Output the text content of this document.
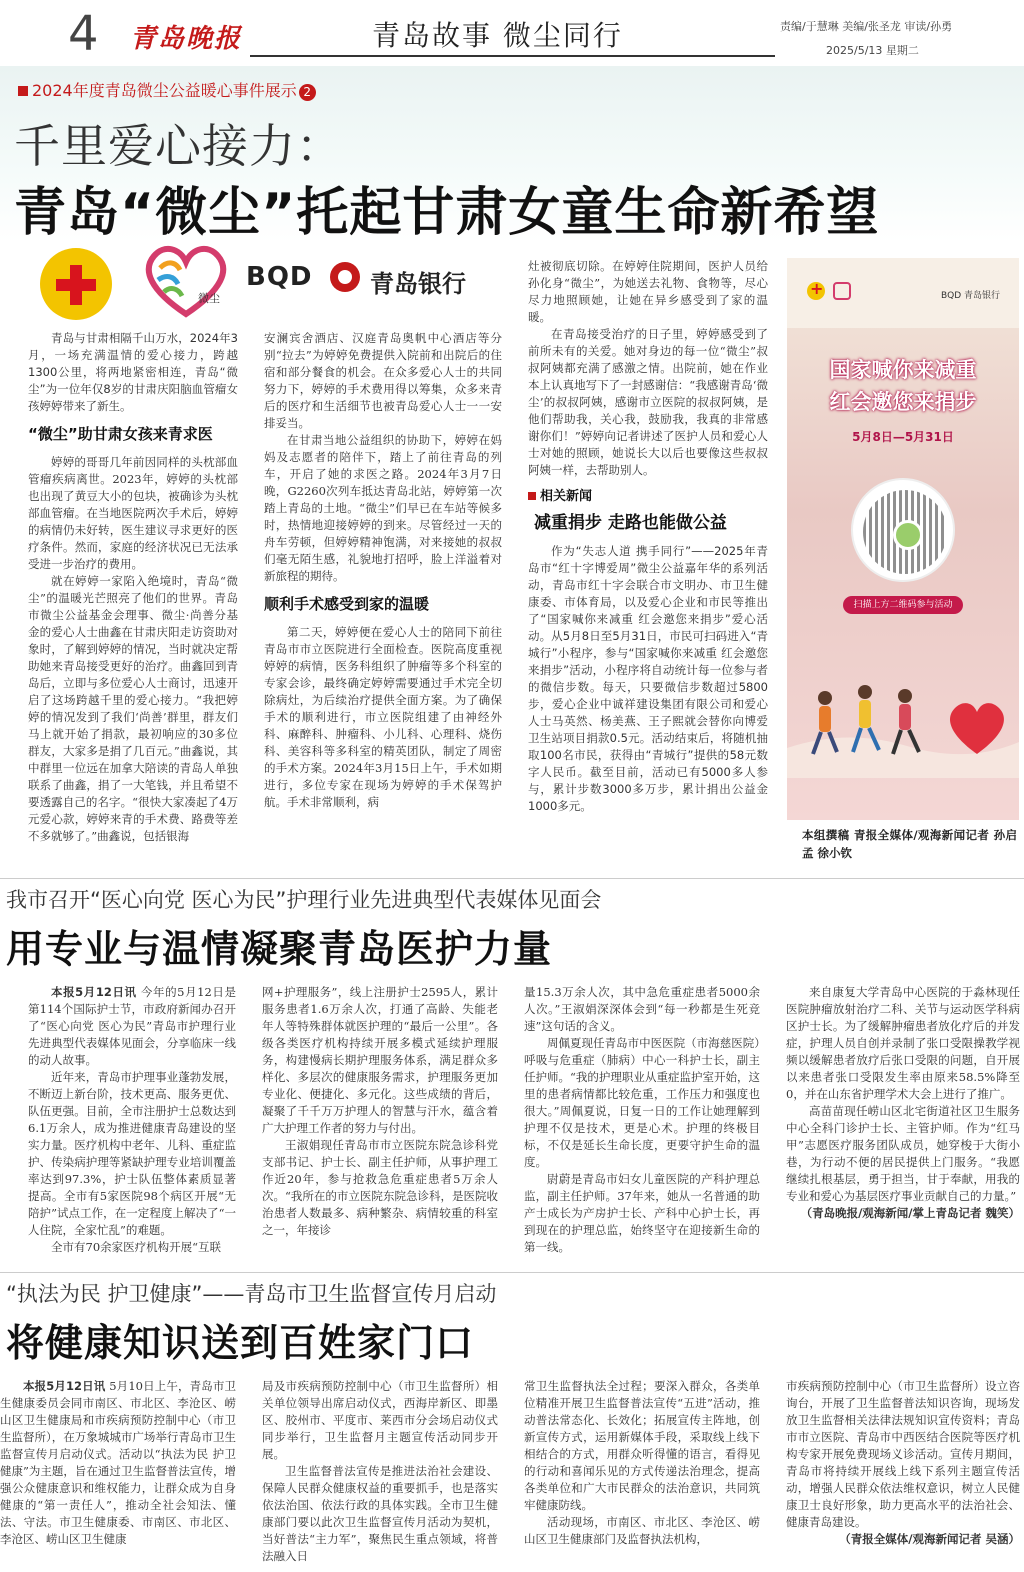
4 青岛晚报	青岛故事 微尘同行	责编/于慧琳 美编/张圣龙 审读/孙勇
2025/5/13 星期二
2024年度青岛微尘公益暖心事件展示 2
千里爱心接力：
青岛“微尘”托起甘肃女童生命新希望
微尘
BQD 青岛银行

青岛与甘肃相隔千山万水，2024年3月，一场充满温情的爱心接力，跨越1300公里，将两地紧密相连，青岛“微尘”为一位年仅8岁的甘肃庆阳脑血管瘤女孩婷婷带来了新生。

“微尘”助甘肃女孩来青求医

婷婷的哥哥几年前因同样的头枕部血管瘤疾病离世。2023年，婷婷的头枕部也出现了黄豆大小的包块，被确诊为头枕部血管瘤。在当地医院两次手术后，婷婷的病情仍未好转，医生建议寻求更好的医疗条件。然而，家庭的经济状况已无法承受进一步治疗的费用。

就在婷婷一家陷入绝境时，青岛“微尘”的温暖光芒照亮了他们的世界。青岛市微尘公益基金会理事、微尘·尚善分基金的爱心人士曲鑫在甘肃庆阳走访资助对象时，了解到婷婷的情况，当时就决定帮助她来青岛接受更好的治疗。曲鑫回到青岛后，立即与多位爱心人士商讨，迅速开启了这场跨越千里的爱心接力。“我把婷婷的情况发到了我们‘尚善’群里，群友们马上就开始了捐款，最初响应的30多位群友，大家多是捐了几百元。”曲鑫说，其中群里一位远在加拿大陪读的青岛人单独联系了曲鑫，捐了一大笔钱，并且希望不要透露自己的名字。“很快大家凑起了4万元爱心款，婷婷来青的手术费、路费等差不多就够了。”曲鑫说，包括银海

安澜宾舍酒店、汉庭青岛奥帆中心酒店等分别“拉去”为婷婷免费提供入院前和出院后的住宿和部分餐食的机会。在众多爱心人士的共同努力下，婷婷的手术费用得以筹集，众多来青后的医疗和生活细节也被青岛爱心人士一一安排妥当。

在甘肃当地公益组织的协助下，婷婷在妈妈及志愿者的陪伴下，踏上了前往青岛的列车，开启了她的求医之路。2024年3月7日晚，G2260次列车抵达青岛北站，婷婷第一次踏上青岛的土地。“微尘”们早已在车站等候多时，热情地迎接婷婷的到来。尽管经过一天的舟车劳顿，但婷婷精神饱满，对来接她的叔叔们毫无陌生感，礼貌地打招呼，脸上洋溢着对新旅程的期待。

顺利手术感受到家的温暖

第二天，婷婷便在爱心人士的陪同下前往青岛市市立医院进行全面检查。医院高度重视婷婷的病情，医务科组织了肿瘤等多个科室的专家会诊，最终确定婷婷需要通过手术完全切除病灶，为后续治疗提供全面方案。为了确保手术的顺利进行，市立医院组建了由神经外科、麻醉科、肿瘤科、小儿科、心理科、烧伤科、美容科等多科室的精英团队，制定了周密的手术方案。2024年3月15日上午，手术如期进行，多位专家在现场为婷婷的手术保驾护航。手术非常顺利，病

灶被彻底切除。在婷婷住院期间，医护人员给孙化身“微尘”，为她送去礼物、食物等，尽心尽力地照顾她，让她在异乡感受到了家的温暖。

在青岛接受治疗的日子里，婷婷感受到了前所未有的关爱。她对身边的每一位“微尘”叔叔阿姨都充满了感激之情。出院前，她在作业本上认真地写下了一封感谢信：“我感谢青岛‘微尘’的叔叔阿姨，感谢市立医院的叔叔阿姨，是他们帮助我，关心我，鼓励我，我真的非常感谢你们！”婷婷向记者讲述了医护人员和爱心人士对她的照顾，她说长大以后也要像这些叔叔阿姨一样，去帮助别人。

相关新闻
减重捐步 走路也能做公益

作为“失志人道 携手同行”——2025年青岛市“红十字博爱周”微尘公益嘉年华的系列活动，青岛市红十字会联合市文明办、市卫生健康委、市体育局，以及爱心企业和市民等推出了“国家喊你来减重 红会邀您来捐步”爱心活动。从5月8日至5月31日，市民可扫码进入“青城行”小程序，参与“国家喊你来减重 红会邀您来捐步”活动，小程序将自动统计每一位参与者的微信步数。每天，只要微信步数超过5800步，爱心企业中诚祥建设集团有限公司和爱心人士马英然、杨美燕、王子熙就会替你向博爱卫生站项目捐款0.5元。活动结束后，将随机抽取100名市民，获得由“青城行”提供的58元数字人民币。截至目前，活动已有5000多人参与，累计步数3000多万步，累计捐出公益金1000多元。

+
BQD 青岛银行
国家喊你来减重
红会邀您来捐步
5月8日—5月31日
扫描上方二维码参与活动
本组撰稿 青报全媒体/观海新闻记者 孙启孟 徐小钦
我市召开“医心向党 医心为民”护理行业先进典型代表媒体见面会
用专业与温情凝聚青岛医护力量

本报5月12日讯 今年的5月12日是第114个国际护士节，市政府新闻办召开了“医心向党 医心为民”青岛市护理行业先进典型代表媒体见面会，分享临床一线的动人故事。

近年来，青岛市护理事业蓬勃发展，不断迈上新台阶，技术更高、服务更优、队伍更强。目前，全市注册护士总数达到6.1万余人，成为推进健康青岛建设的坚实力量。医疗机构中老年、儿科、重症监护、传染病护理等紧缺护理专业培训覆盖率达到97.3%，护士队伍整体素质显著提高。全市有5家医院98个病区开展“无陪护”试点工作，在一定程度上解决了“一人住院，全家忙乱”的难题。

全市有70余家医疗机构开展“互联

网+护理服务”，线上注册护士2595人，累计服务患者1.6万余人次，打通了高龄、失能老年人等特殊群体就医护理的“最后一公里”。各级各类医疗机构持续开展多模式延续护理服务，构建慢病长期护理服务体系，满足群众多样化、多层次的健康服务需求，护理服务更加专业化、便捷化、多元化。这些成绩的背后，凝聚了千千万万护理人的智慧与汗水，蕴含着广大护理工作者的努力与付出。

王淑娟现任青岛市市立医院东院急诊科党支部书记、护士长、副主任护师，从事护理工作近20年，参与抢救急危重症患者5万余人次。“我所在的市立医院东院急诊科，是医院收治患者人数最多、病种繁杂、病情较重的科室之一，年接诊

量15.3万余人次，其中急危重症患者5000余人次。”王淑娟深深体会到“每一秒都是生死竞速”这句话的含义。

周佩夏现任青岛市中医医院（市海慈医院）呼吸与危重症（肺病）中心一科护士长，副主任护师。“我的护理职业从重症监护室开始，这里的患者病情都比较危重，工作压力和强度也很大。”周佩夏说，日复一日的工作让她理解到护理不仅是技术，更是心术。护理的终极目标，不仅是延长生命长度，更要守护生命的温度。

尉蔚是青岛市妇女儿童医院的产科护理总监，副主任护师。37年来，她从一名普通的助产士成长为产房护士长、产科中心护士长，再到现在的护理总监，始终坚守在迎接新生命的第一线。

来自康复大学青岛中心医院的于淼林现任医院肿瘤放射治疗二科、关节与运动医学科病区护士长。为了缓解肿瘤患者放化疗后的并发症，护理人员自创并录制了张口受限操教学视频以缓解患者放疗后张口受限的问题，自开展以来患者张口受限发生率由原来58.5%降至0，并在山东省护理学术大会上进行了推广。

高苗苗现任崂山区北宅街道社区卫生服务中心全科门诊护士长、主管护师。作为“红马甲”志愿医疗服务团队成员，她穿梭于大街小巷，为行动不便的居民提供上门服务。“我愿继续扎根基层，勇于担当，甘于奉献，用我的专业和爱心为基层医疗事业贡献自己的力量。”

（青岛晚报/观海新闻/掌上青岛记者 魏笑）

“执法为民 护卫健康”——青岛市卫生监督宣传月启动
将健康知识送到百姓家门口

本报5月12日讯 5月10日上午，青岛市卫生健康委员会同市南区、市北区、李沧区、崂山区卫生健康局和市疾病预防控制中心（市卫生监督所），在万象城城市广场举行青岛市卫生监督宣传月启动仪式。活动以“执法为民 护卫健康”为主题，旨在通过卫生监督普法宣传，增强公众健康意识和维权能力，让群众成为自身健康的“第一责任人”，推动全社会知法、懂法、守法。市卫生健康委、市南区、市北区、李沧区、崂山区卫生健康

局及市疾病预防控制中心（市卫生监督所）相关单位领导出席启动仪式，西海岸新区、即墨区、胶州市、平度市、莱西市分会场启动仪式同步举行，卫生监督月主题宣传活动同步开展。

卫生监督普法宣传是推进法治社会建设、保障人民群众健康权益的重要抓手，也是落实依法治国、依法行政的具体实践。全市卫生健康部门要以此次卫生监督宣传月活动为契机，当好普法“主力军”，聚焦民生重点领域，将普法融入日

常卫生监督执法全过程；要深入群众，各类单位精准开展卫生监督普法宣传“五进”活动，推动普法常态化、长效化；拓展宣传主阵地，创新宣传方式，运用新媒体手段，采取线上线下相结合的方式，用群众听得懂的语言，看得见的行动和喜闻乐见的方式传递法治理念，提高各类单位和广大市民群众的法治意识，共同筑牢健康防线。

活动现场，市南区、市北区、李沧区、崂山区卫生健康部门及监督执法机构，

市疾病预防控制中心（市卫生监督所）设立咨询台，开展了卫生监督普法知识咨询，现场发放卫生监督相关法律法规知识宣传资料；青岛市市立医院、青岛市中西医结合医院等医疗机构专家开展免费现场义诊活动。宣传月期间，青岛市将持续开展线上线下系列主题宣传活动，增强人民群众依法维权意识，树立人民健康卫士良好形象，助力更高水平的法治社会、健康青岛建设。

（青报全媒体/观海新闻记者 吴涵）
